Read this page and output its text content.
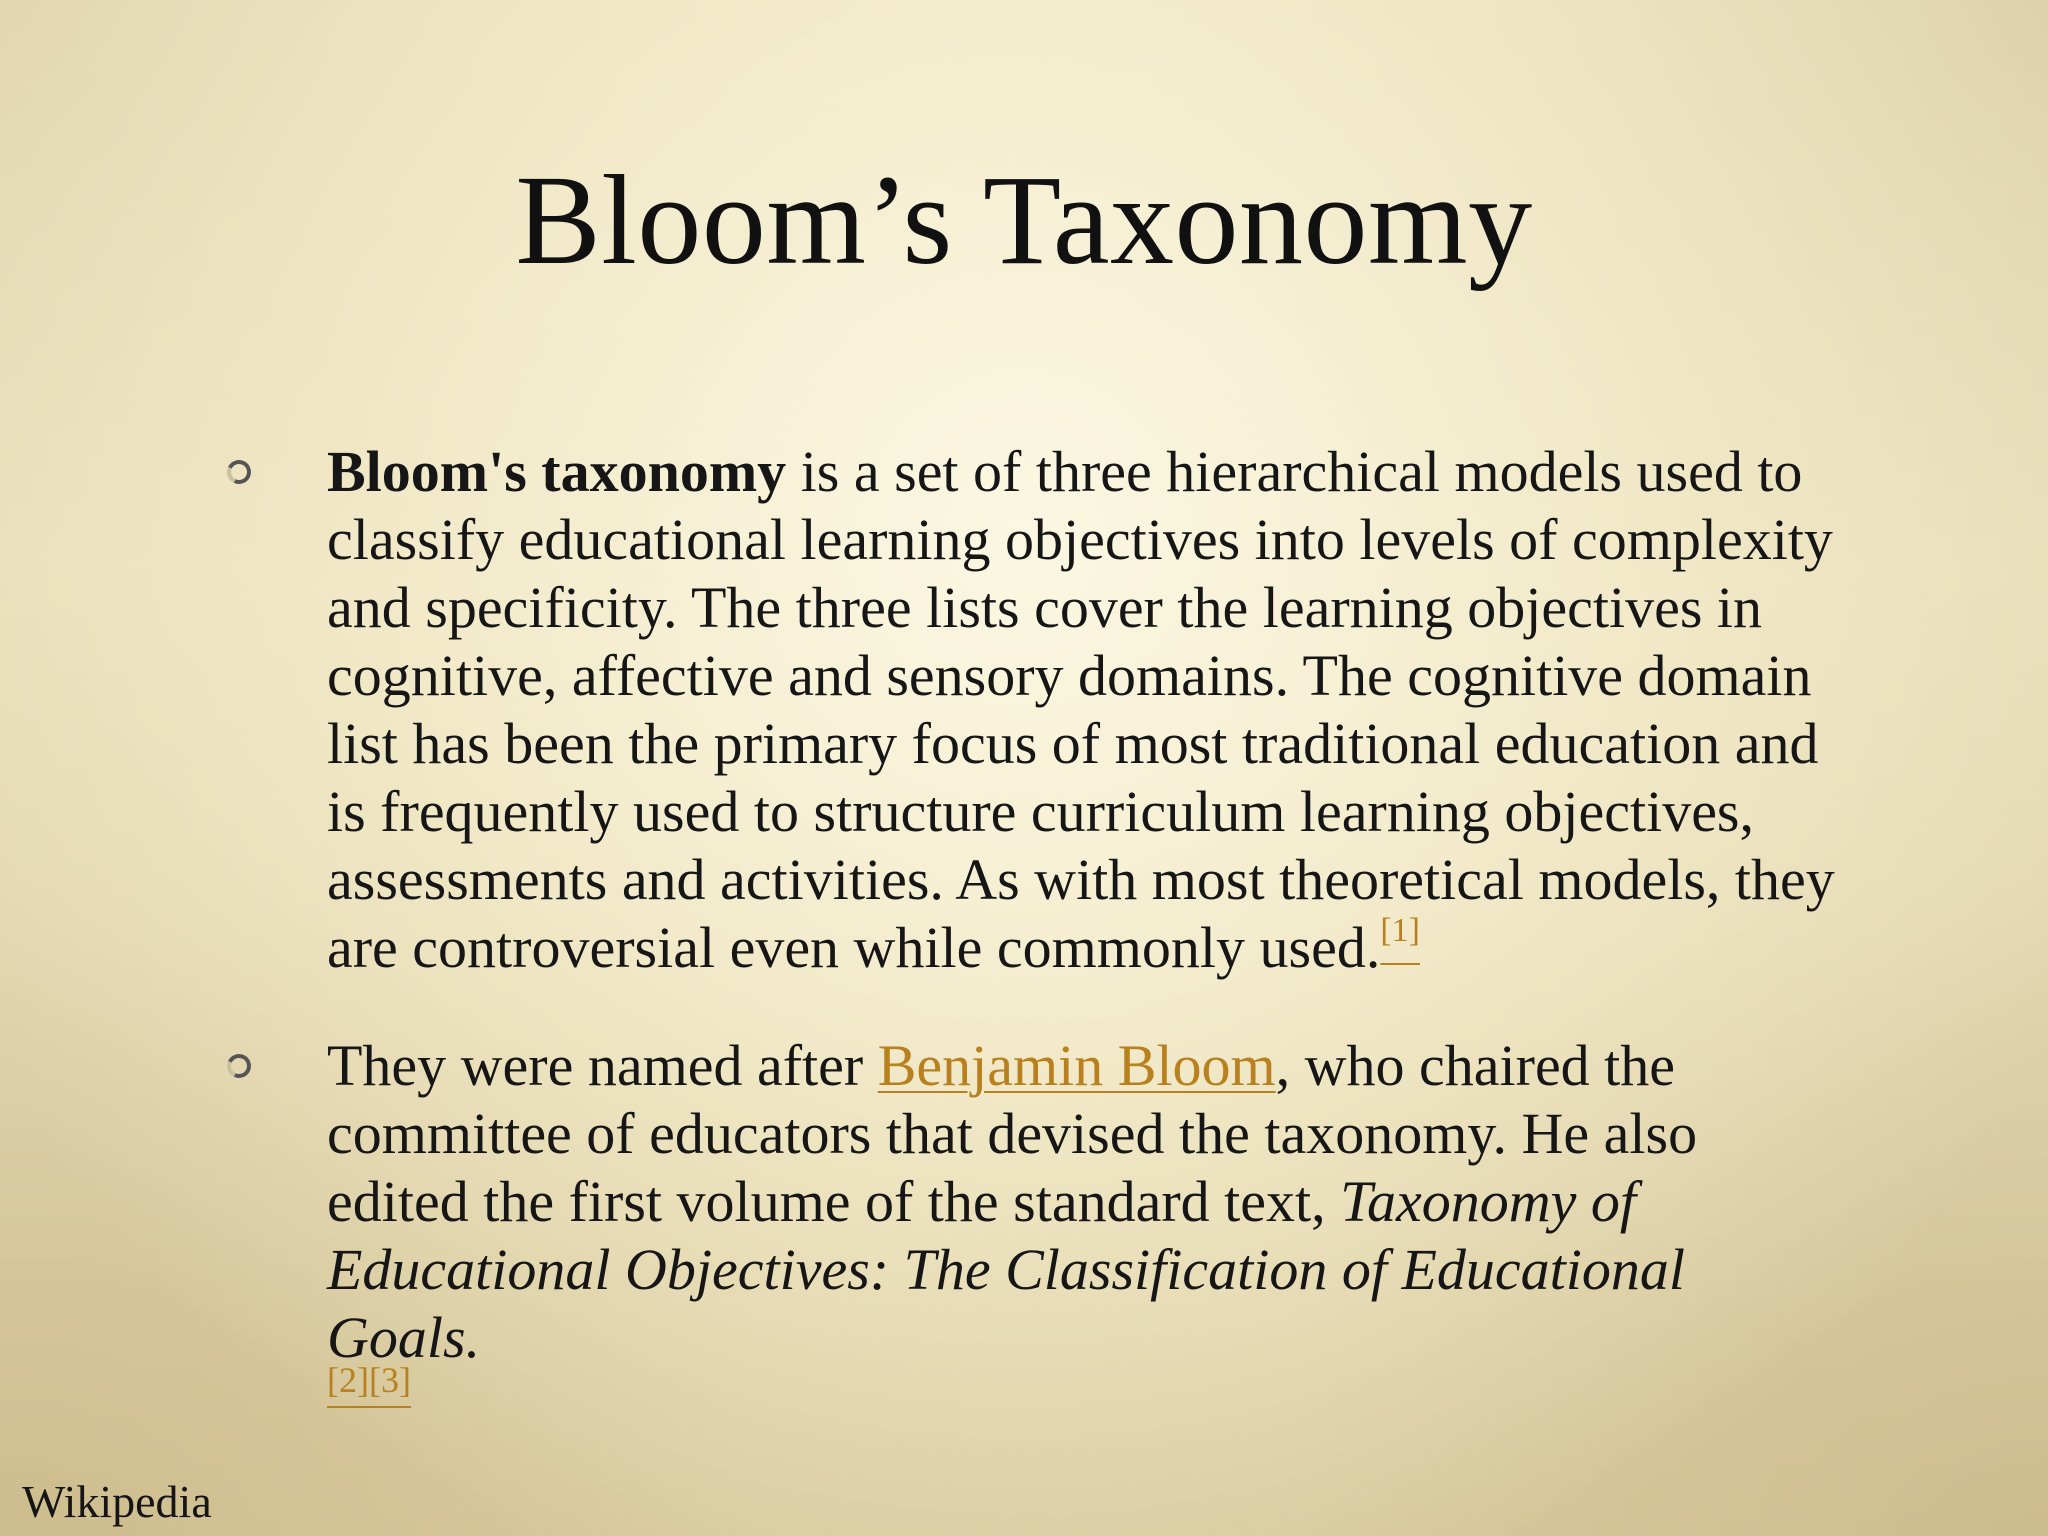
Bloom’s Taxonomy
Bloom's taxonomy is a set of three hierarchical models used to classify educational learning objectives into levels of complexity and specificity. The three lists cover the learning objectives in cognitive, affective and sensory domains. The cognitive domain list has been the primary focus of most traditional education and is frequently used to structure curriculum learning objectives, assessments and activities. As with most theoretical models, they are controversial even while commonly used.[1]
They were named after Benjamin Bloom, who chaired the committee of educators that devised the taxonomy. He also edited the first volume of the standard text, Taxonomy of Educational Objectives: The Classification of Educational Goals.
[2][3]

Wikipedia
